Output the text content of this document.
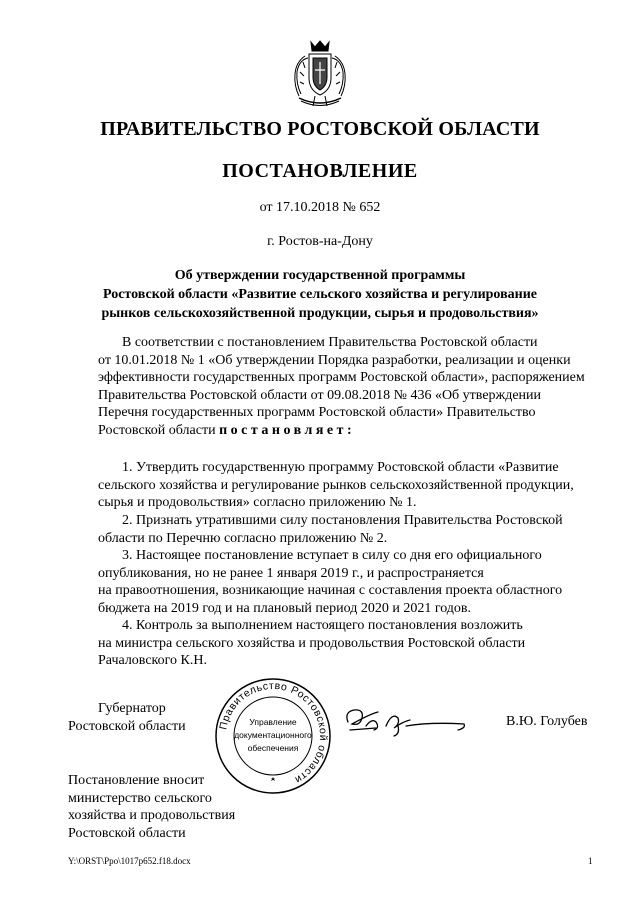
ПРАВИТЕЛЬСТВО РОСТОВСКОЙ ОБЛАСТИ
ПОСТАНОВЛЕНИЕ
от 17.10.2018 № 652
г. Ростов-на-Дону
Об утверждении государственной программы
Ростовской области «Развитие сельского хозяйства и регулирование
рынков сельскохозяйственной продукции, сырья и продовольствия»
В соответствии с постановлением Правительства Ростовской области
от 10.01.2018 № 1 «Об утверждении Порядка разработки, реализации и оценки
эффективности государственных программ Ростовской области», распоряжением
Правительства Ростовской области от 09.08.2018 № 436 «Об утверждении
Перечня государственных программ Ростовской области» Правительство
Ростовской области постановляет:
1. Утвердить государственную программу Ростовской области «Развитие
сельского хозяйства и регулирование рынков сельскохозяйственной продукции,
сырья и продовольствия» согласно приложению № 1.
2. Признать утратившими силу постановления Правительства Ростовской
области по Перечню согласно приложению № 2.
3. Настоящее постановление вступает в силу со дня его официального
опубликования, но не ранее 1 января 2019 г., и распространяется
на правоотношения, возникающие начиная с составления проекта областного
бюджета на 2019 год и на плановый период 2020 и 2021 годов.
4. Контроль за выполнением настоящего постановления возложить
на министра сельского хозяйства и продовольствия Ростовской области
Рачаловского К.Н.
Губернатор
Ростовской области	Правительство Ростовской области
Управление
документационного
обеспечения
В.Ю. Голубев
Постановление вносит
министерство сельского
хозяйства и продовольствия
Ростовской области
Y:\ORST\Ppo\1017p652.f18.docx	1
